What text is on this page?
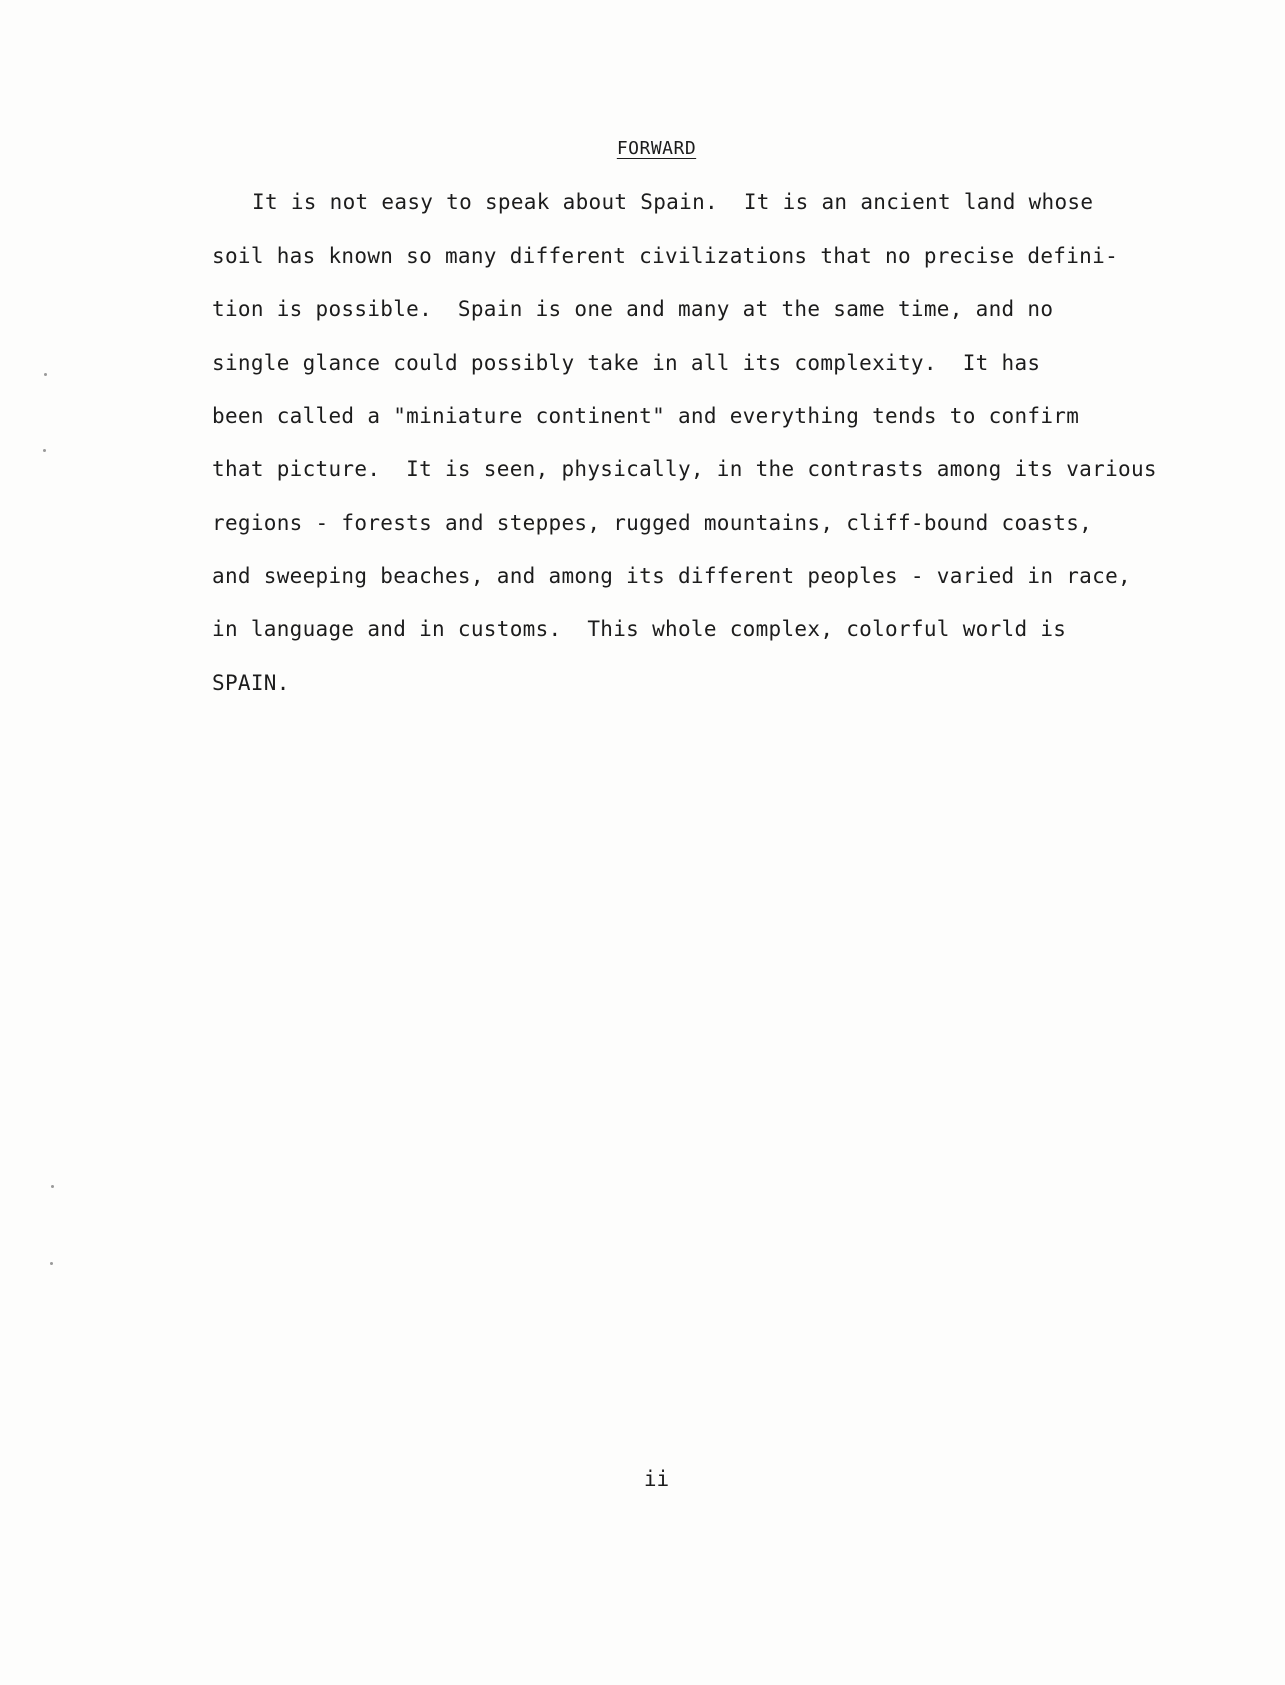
FORWARD
It is not easy to speak about Spain.  It is an ancient land whose
soil has known so many different civilizations that no precise defini-
tion is possible.  Spain is one and many at the same time, and no
single glance could possibly take in all its complexity.  It has
been called a "miniature continent" and everything tends to confirm
that picture.  It is seen, physically, in the contrasts among its various
regions - forests and steppes, rugged mountains, cliff-bound coasts,
and sweeping beaches, and among its different peoples - varied in race,
in language and in customs.  This whole complex, colorful world is
SPAIN.
ii
